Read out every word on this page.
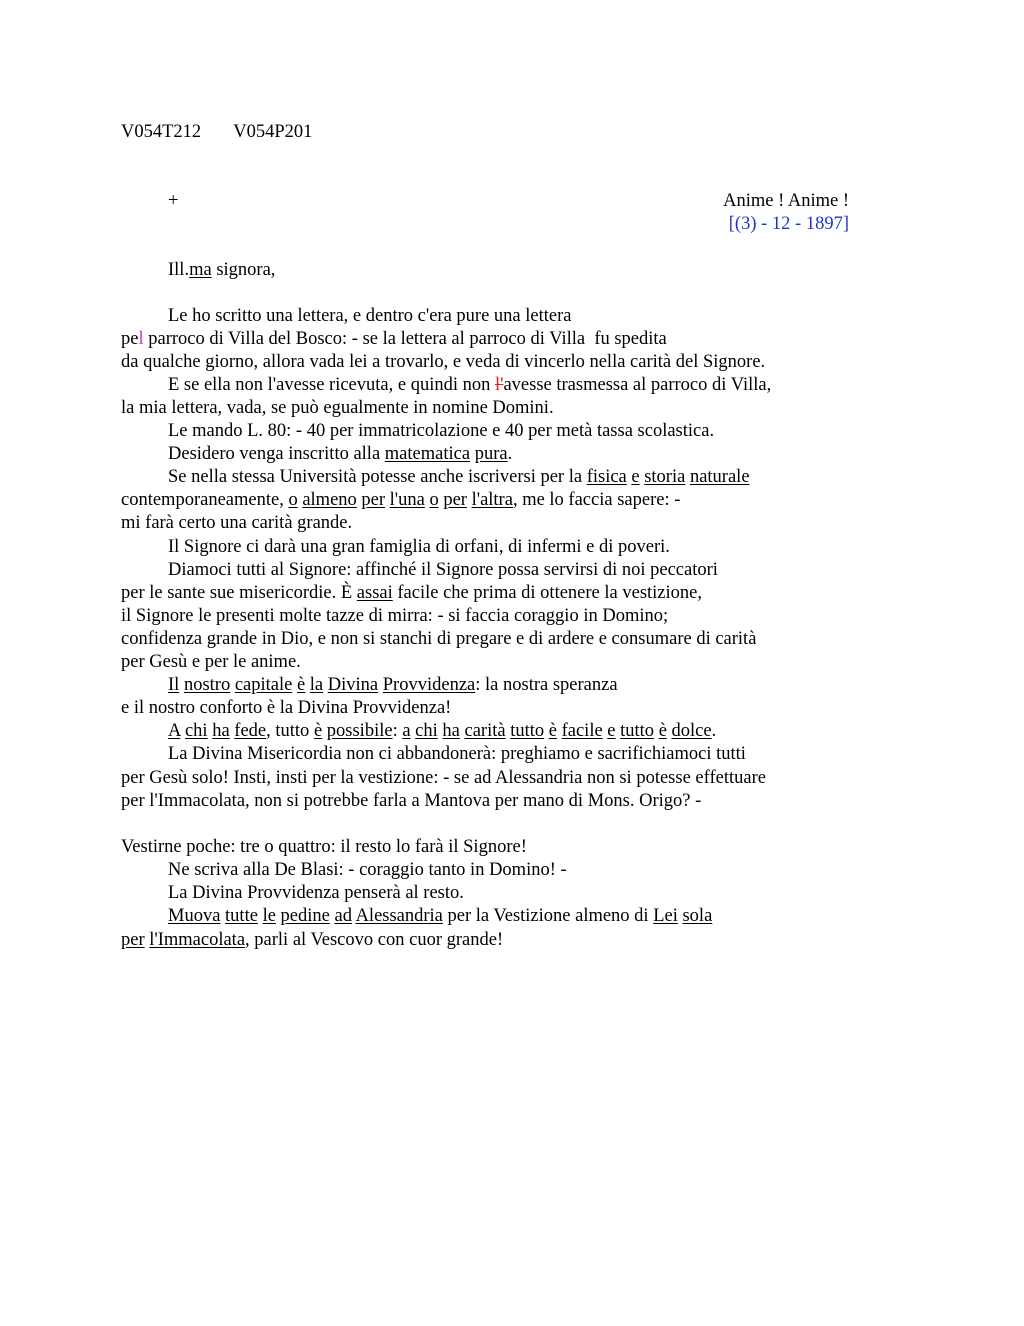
V054T212 V054P201
+	Anime ! Anime !
[(3) - 12 - 1897]
Ill.ma signora,
Le ho scritto una lettera, e dentro c'era pure una lettera
pel parroco di Villa del Bosco: - se la lettera al parroco di Villa  fu spedita
da qualche giorno, allora vada lei a trovarlo, e veda di vincerlo nella carità del Signore.
E se ella non l'avesse ricevuta, e quindi non l'avesse trasmessa al parroco di Villa,
la mia lettera, vada, se può egualmente in nomine Domini.
Le mando L. 80: - 40 per immatricolazione e 40 per metà tassa scolastica.
Desidero venga inscritto alla matematica pura.
Se nella stessa Università potesse anche iscriversi per la fisica e storia naturale
contemporaneamente, o almeno per l'una o per l'altra, me lo faccia sapere: -
mi farà certo una carità grande.
Il Signore ci darà una gran famiglia di orfani, di infermi e di poveri.
Diamoci tutti al Signore: affinché il Signore possa servirsi di noi peccatori
per le sante sue misericordie. È assai facile che prima di ottenere la vestizione,
il Signore le presenti molte tazze di mirra: - si faccia coraggio in Domino;
confidenza grande in Dio, e non si stanchi di pregare e di ardere e consumare di carità
per Gesù e per le anime.
Il nostro capitale è la Divina Provvidenza: la nostra speranza
e il nostro conforto è la Divina Provvidenza!
A chi ha fede, tutto è possibile: a chi ha carità tutto è facile e tutto è dolce.
La Divina Misericordia non ci abbandonerà: preghiamo e sacrifichiamoci tutti
per Gesù solo! Insti, insti per la vestizione: - se ad Alessandria non si potesse effettuare
per l'Immacolata, non si potrebbe farla a Mantova per mano di Mons. Origo? -
Vestirne poche: tre o quattro: il resto lo farà il Signore!
Ne scriva alla De Blasi: - coraggio tanto in Domino! -
La Divina Provvidenza penserà al resto.
Muova tutte le pedine ad Alessandria per la Vestizione almeno di Lei sola
per l'Immacolata, parli al Vescovo con cuor grande!
